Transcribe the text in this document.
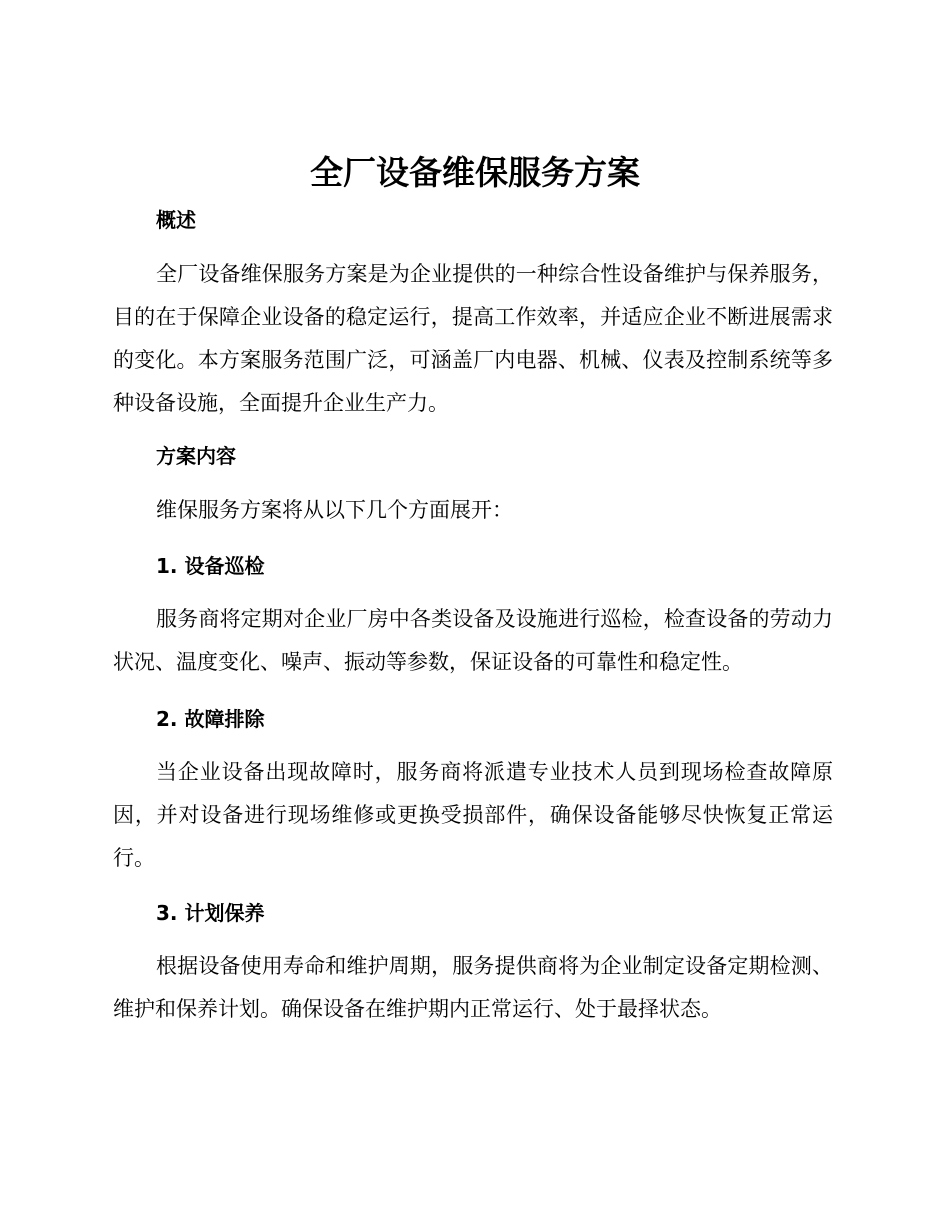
全厂设备维保服务方案
概述

全厂设备维保服务方案是为企业提供的一种综合性设备维护与保养服务，目的在于保障企业设备的稳定运行，提高工作效率，并适应企业不断进展需求的变化。本方案服务范围广泛，可涵盖厂内电器、机械、仪表及控制系统等多种设备设施，全面提升企业生产力。

方案内容

维保服务方案将从以下几个方面展开：

1. 设备巡检

服务商将定期对企业厂房中各类设备及设施进行巡检，检查设备的劳动力状况、温度变化、噪声、振动等参数，保证设备的可靠性和稳定性。

2. 故障排除

当企业设备出现故障时，服务商将派遣专业技术人员到现场检查故障原因，并对设备进行现场维修或更换受损部件，确保设备能够尽快恢复正常运行。

3. 计划保养

根据设备使用寿命和维护周期，服务提供商将为企业制定设备定期检测、维护和保养计划。确保设备在维护期内正常运行、处于最择状态。
